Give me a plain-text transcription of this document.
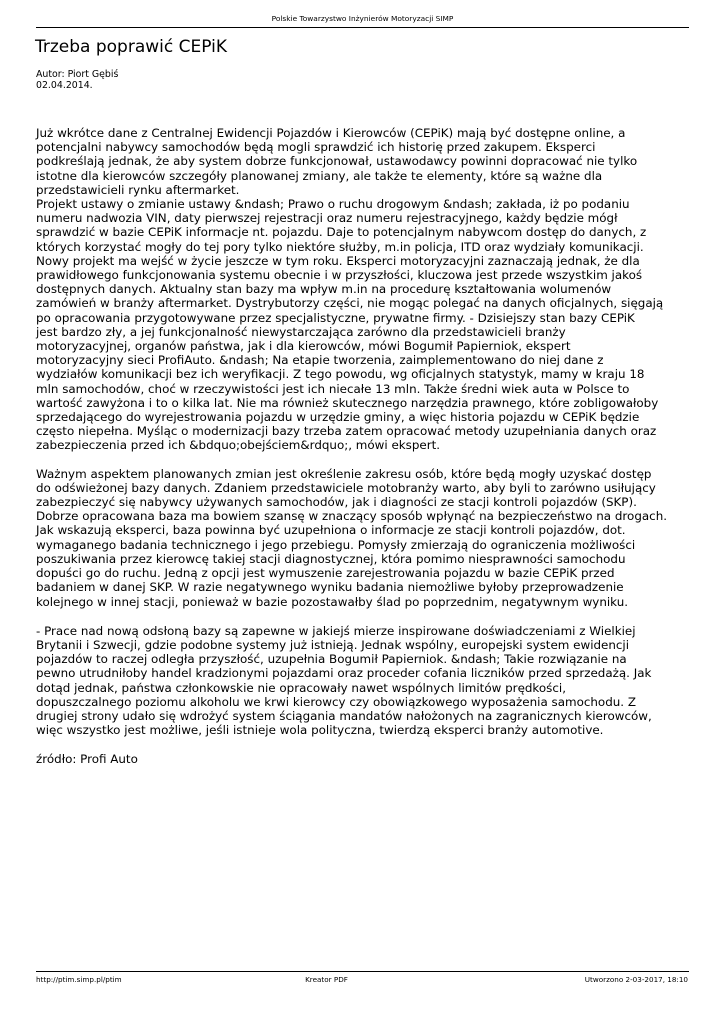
Polskie Towarzystwo Inżynierów Motoryzacji SIMP
Trzeba poprawić CEPiK
Autor: Piort Gębiś
02.04.2014.

Już wkrótce dane z Centralnej Ewidencji Pojazdów i Kierowców (CEPiK) mają być dostępne online, a
potencjalni nabywcy samochodów będą mogli sprawdzić ich historię przed zakupem. Eksperci
podkreślają jednak, że aby system dobrze funkcjonował, ustawodawcy powinni dopracować nie tylko
istotne dla kierowców szczegóły planowanej zmiany, ale także te elementy, które są ważne dla
przedstawicieli rynku aftermarket.
Projekt ustawy o zmianie ustawy &ndash; Prawo o ruchu drogowym &ndash; zakłada, iż po podaniu
numeru nadwozia VIN, daty pierwszej rejestracji oraz numeru rejestracyjnego, każdy będzie mógł
sprawdzić w bazie CEPiK informacje nt. pojazdu. Daje to potencjalnym nabywcom dostęp do danych, z
których korzystać mogły do tej pory tylko niektóre służby, m.in policja, ITD oraz wydziały komunikacji.
Nowy projekt ma wejść w życie jeszcze w tym roku. Eksperci motoryzacyjni zaznaczają jednak, że dla
prawidłowego funkcjonowania systemu obecnie i w przyszłości, kluczowa jest przede wszystkim jakoś
dostępnych danych. Aktualny stan bazy ma wpływ m.in na procedurę kształtowania wolumenów
zamówień w branży aftermarket. Dystrybutorzy części, nie mogąc polegać na danych oficjalnych, sięgają
po opracowania przygotowywane przez specjalistyczne, prywatne firmy. - Dzisiejszy stan bazy CEPiK
jest bardzo zły, a jej funkcjonalność niewystarczająca zarówno dla przedstawicieli branży
motoryzacyjnej, organów państwa, jak i dla kierowców, mówi Bogumił Papierniok, ekspert
motoryzacyjny sieci ProfiAuto. &ndash; Na etapie tworzenia, zaimplementowano do niej dane z
wydziałów komunikacji bez ich weryfikacji. Z tego powodu, wg oficjalnych statystyk, mamy w kraju 18
mln samochodów, choć w rzeczywistości jest ich niecałe 13 mln. Także średni wiek auta w Polsce to
wartość zawyżona i to o kilka lat. Nie ma również skutecznego narzędzia prawnego, które zobligowałoby
sprzedającego do wyrejestrowania pojazdu w urzędzie gminy, a więc historia pojazdu w CEPiK będzie
często niepełna. Myśląc o modernizacji bazy trzeba zatem opracować metody uzupełniania danych oraz
zabezpieczenia przed ich &bdquo;obejściem&rdquo;, mówi ekspert.

Ważnym aspektem planowanych zmian jest określenie zakresu osób, które będą mogły uzyskać dostęp
do odświeżonej bazy danych. Zdaniem przedstawiciele motobranży warto, aby byli to zarówno usiłujący
zabezpieczyć się nabywcy używanych samochodów, jak i diagności ze stacji kontroli pojazdów (SKP).
Dobrze opracowana baza ma bowiem szansę w znaczący sposób wpłynąć na bezpieczeństwo na drogach.
Jak wskazują eksperci, baza powinna być uzupełniona o informacje ze stacji kontroli pojazdów, dot.
wymaganego badania technicznego i jego przebiegu. Pomysły zmierzają do ograniczenia możliwości
poszukiwania przez kierowcę takiej stacji diagnostycznej, która pomimo niesprawności samochodu
dopuści go do ruchu. Jedną z opcji jest wymuszenie zarejestrowania pojazdu w bazie CEPiK przed
badaniem w danej SKP. W razie negatywnego wyniku badania niemożliwe byłoby przeprowadzenie
kolejnego w innej stacji, ponieważ w bazie pozostawałby ślad po poprzednim, negatywnym wyniku.

- Prace nad nową odsłoną bazy są zapewne w jakiejś mierze inspirowane doświadczeniami z Wielkiej
Brytanii i Szwecji, gdzie podobne systemy już istnieją. Jednak wspólny, europejski system ewidencji
pojazdów to raczej odległa przyszłość, uzupełnia Bogumił Papierniok. &ndash; Takie rozwiązanie na
pewno utrudniłoby handel kradzionymi pojazdami oraz proceder cofania liczników przed sprzedażą. Jak
dotąd jednak, państwa członkowskie nie opracowały nawet wspólnych limitów prędkości,
dopuszczalnego poziomu alkoholu we krwi kierowcy czy obowiązkowego wyposażenia samochodu. Z
drugiej strony udało się wdrożyć system ściągania mandatów nałożonych na zagranicznych kierowców,
więc wszystko jest możliwe, jeśli istnieje wola polityczna, twierdzą eksperci branży automotive.

źródło: Profi Auto

http://ptim.simp.pl/ptim	Kreator PDF	Utworzono 2-03-2017, 18:10
